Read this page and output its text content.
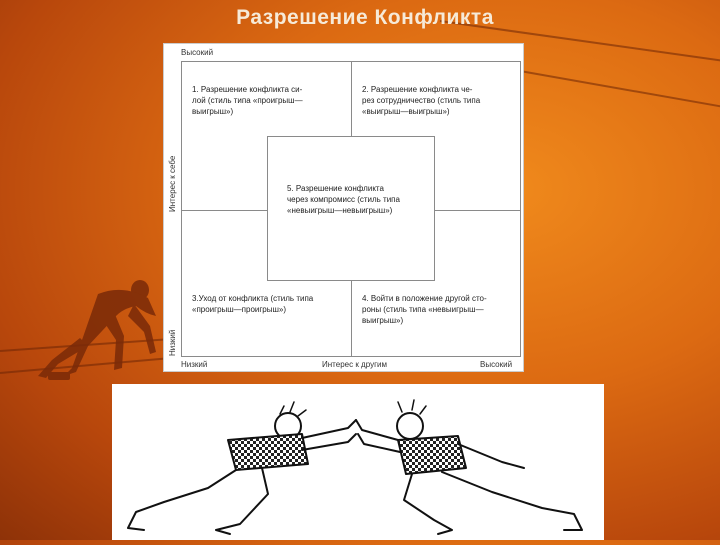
Разрешение Конфликта
Высокий
Интерес к себе
Низкий
Низкий	Интерес к другим	Высокий
1. Разрешение конфликта си-
лой (стиль типа «проигрыш—
выигрыш»)
2. Разрешение конфликта че-
рез сотрудничество (стиль типа
«выигрыш—выигрыш»)
3.Уход от конфликта (стиль типа
«проигрыш—проигрыш»)
4. Войти в положение другой сто-
роны (стиль типа «невыигрыш—
выигрыш»)
5. Разрешение конфликта
через компромисс (стиль типа
«невыигрыш—невыигрыш»)
